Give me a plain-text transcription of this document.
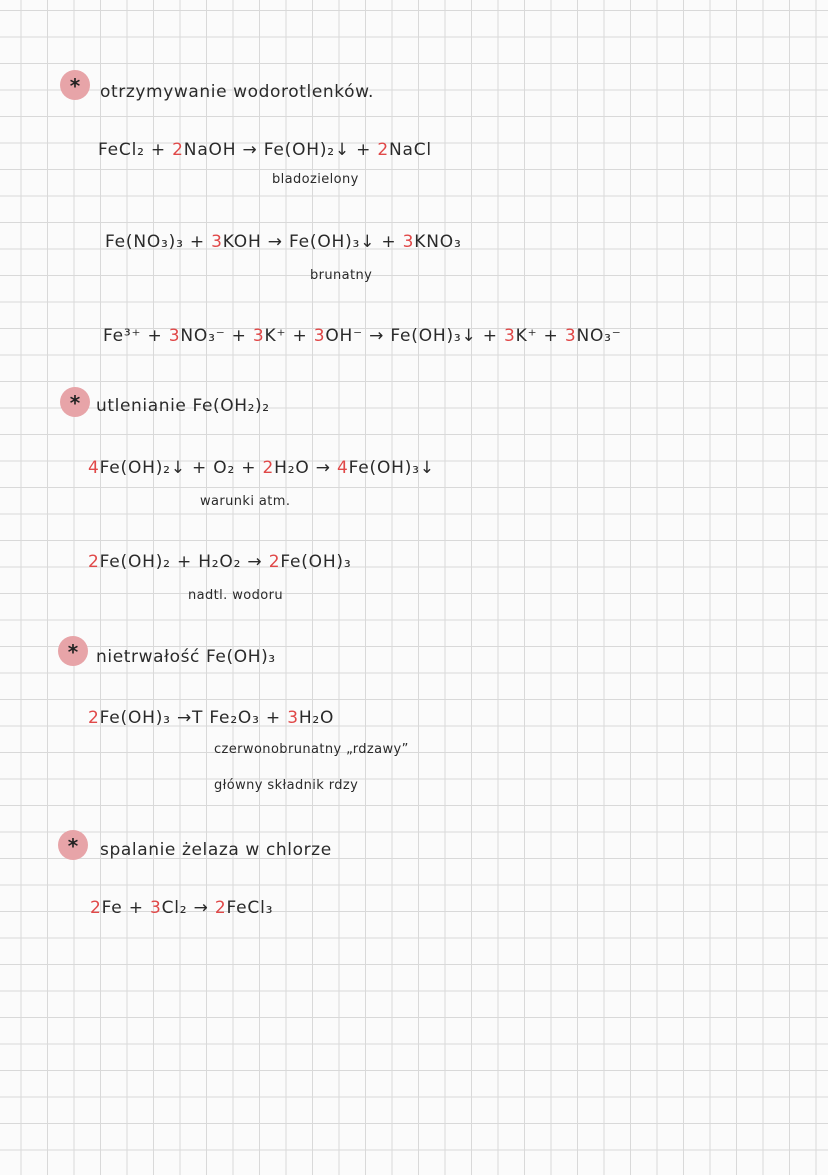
*	otrzymywanie wodorotlenków.
FeCl₂ + 2NaOH → Fe(OH)₂↓ + 2NaCl
bladozielony
Fe(NO₃)₃ + 3KOH → Fe(OH)₃↓ + 3KNO₃
brunatny
Fe³⁺ + 3NO₃⁻ + 3K⁺ + 3OH⁻ → Fe(OH)₃↓ + 3K⁺ + 3NO₃⁻
* utlenianie Fe(OH₂)₂
4Fe(OH)₂↓ + O₂ + 2H₂O → 4Fe(OH)₃↓
warunki atm.
2Fe(OH)₂ + H₂O₂ → 2Fe(OH)₃
nadtl. wodoru
*	nietrwałość Fe(OH)₃
2Fe(OH)₃ →T Fe₂O₃ + 3H₂O
czerwonobrunatny „rdzawy”
główny składnik rdzy
*	spalanie żelaza w chlorze
2Fe + 3Cl₂ → 2FeCl₃
